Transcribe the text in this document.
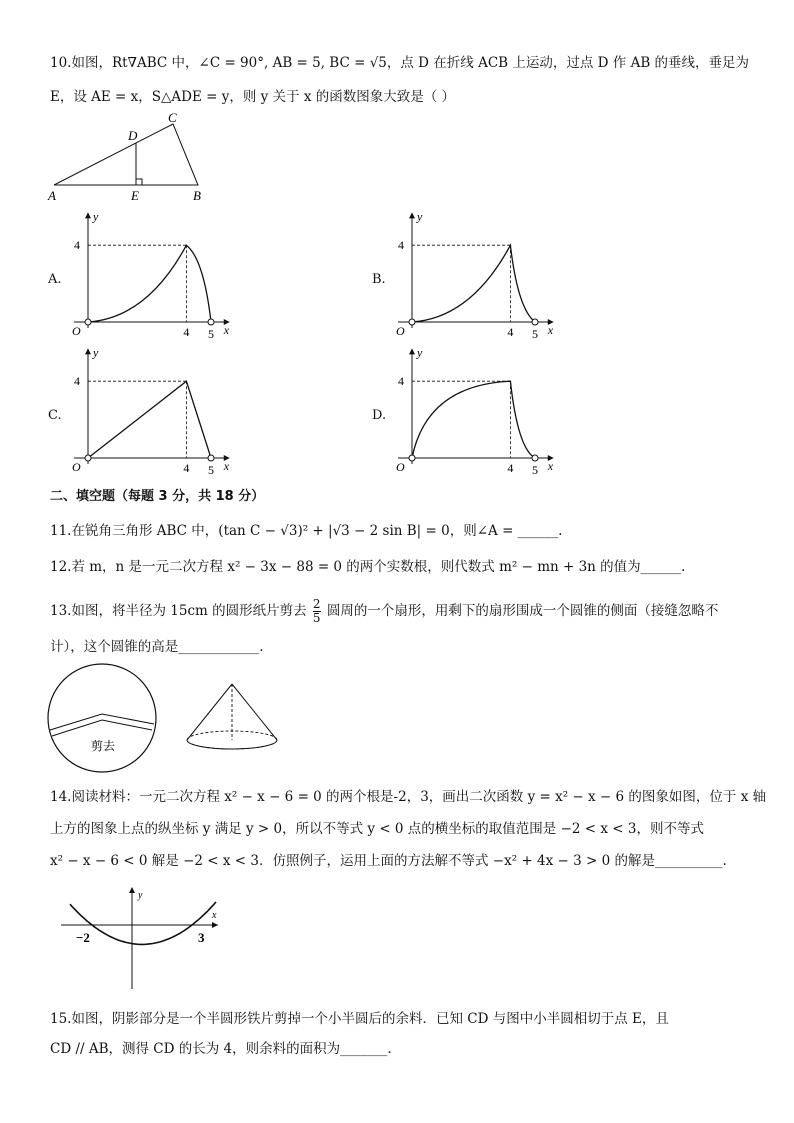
10.如图，Rt∇ABC 中，∠C = 90°, AB = 5, BC = √5，点 D 在折线 ACB 上运动，过点 D 作 AB 的垂线，垂足为
E，设 AE = x，S△ADE = y，则 y 关于 x 的函数图象大致是（ ）
A	B
C
D
E
A.	B.
C.	D.
y
x
O
4
4 5
y
x
O
4
4 5
y
x
O
4
4 5
y
x
O
4
4 5
二、填空题（每题 3 分，共 18 分）
11.在锐角三角形 ABC 中，(tan C − √3)² + |√3 − 2 sin B| = 0，则∠A = ______.
12.若 m，n 是一元二次方程 x² − 3x − 88 = 0 的两个实数根，则代数式 m² − mn + 3n 的值为______.
13.如图，将半径为 15cm 的圆形纸片剪去 $\frac{2}{5}$ 圆周的一个扇形，用剩下的扇形围成一个圆锥的侧面（接缝忽略不
计），这个圆锥的高是____________.
剪去
14.阅读材料：一元二次方程 x² − x − 6 = 0 的两个根是-2，3，画出二次函数 y = x² − x − 6 的图象如图，位于 x 轴
上方的图象上点的纵坐标 y 满足 y > 0，所以不等式 y < 0 点的横坐标的取值范围是 −2 < x < 3，则不等式
x² − x − 6 < 0 解是 −2 < x < 3．仿照例子，运用上面的方法解不等式 −x² + 4x − 3 > 0 的解是__________.
y
x
−2	3
15.如图，阴影部分是一个半圆形铁片剪掉一个小半圆后的余料．已知 CD 与图中小半圆相切于点 E，且
CD // AB，测得 CD 的长为 4，则余料的面积为_______.
